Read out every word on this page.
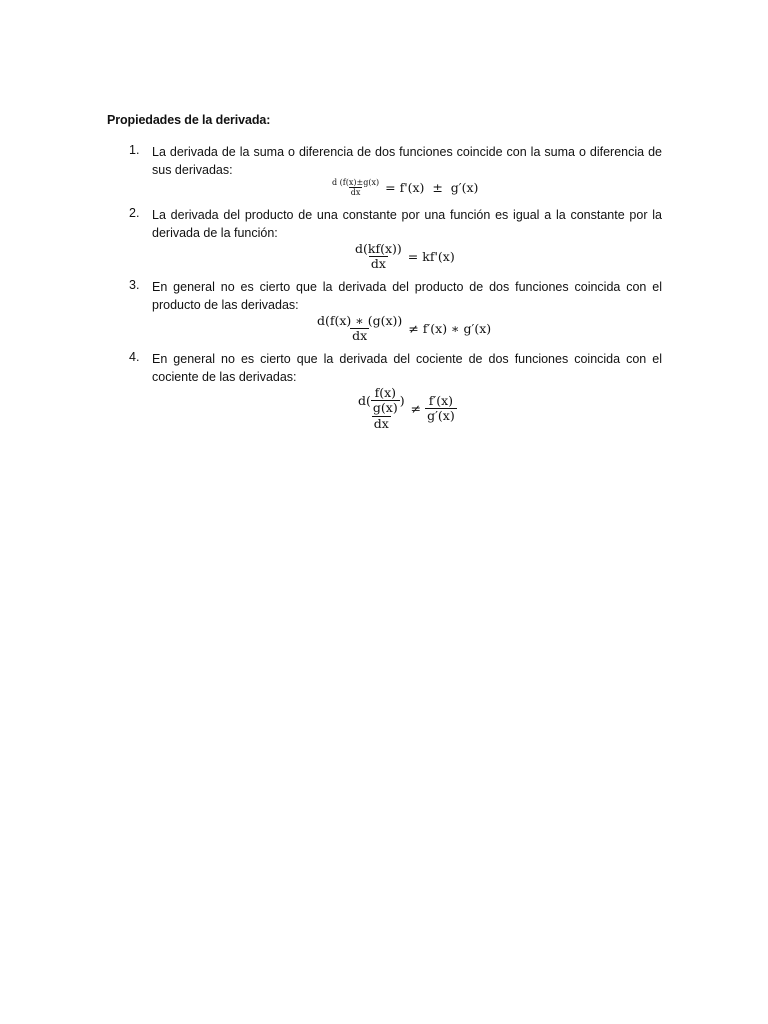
Propiedades de la derivada:
1. La derivada de la suma o diferencia de dos funciones coincide con la suma o diferencia de sus derivadas:
$\frac{d (f(x)\pm g(x)}{dx} = f'(x) \pm g'(x)$
2. La derivada del producto de una constante por una función es igual a la constante por la derivada de la función:
$\frac{d(kf(x))}{dx} = kf'(x)$
3. En general no es cierto que la derivada del producto de dos funciones coincida con el producto de las derivadas:
$\frac{d(f(x) ∗ (g(x))}{dx} \ne f'(x)$ ∗ g′(x)
4. En general no es cierto que la derivada del cociente de dos funciones coincida con el cociente de las derivadas:
$\frac{d( \frac{f(x)}{g(x)} )}{dx} \ne \frac{f'(x)}{g'(x)}$
